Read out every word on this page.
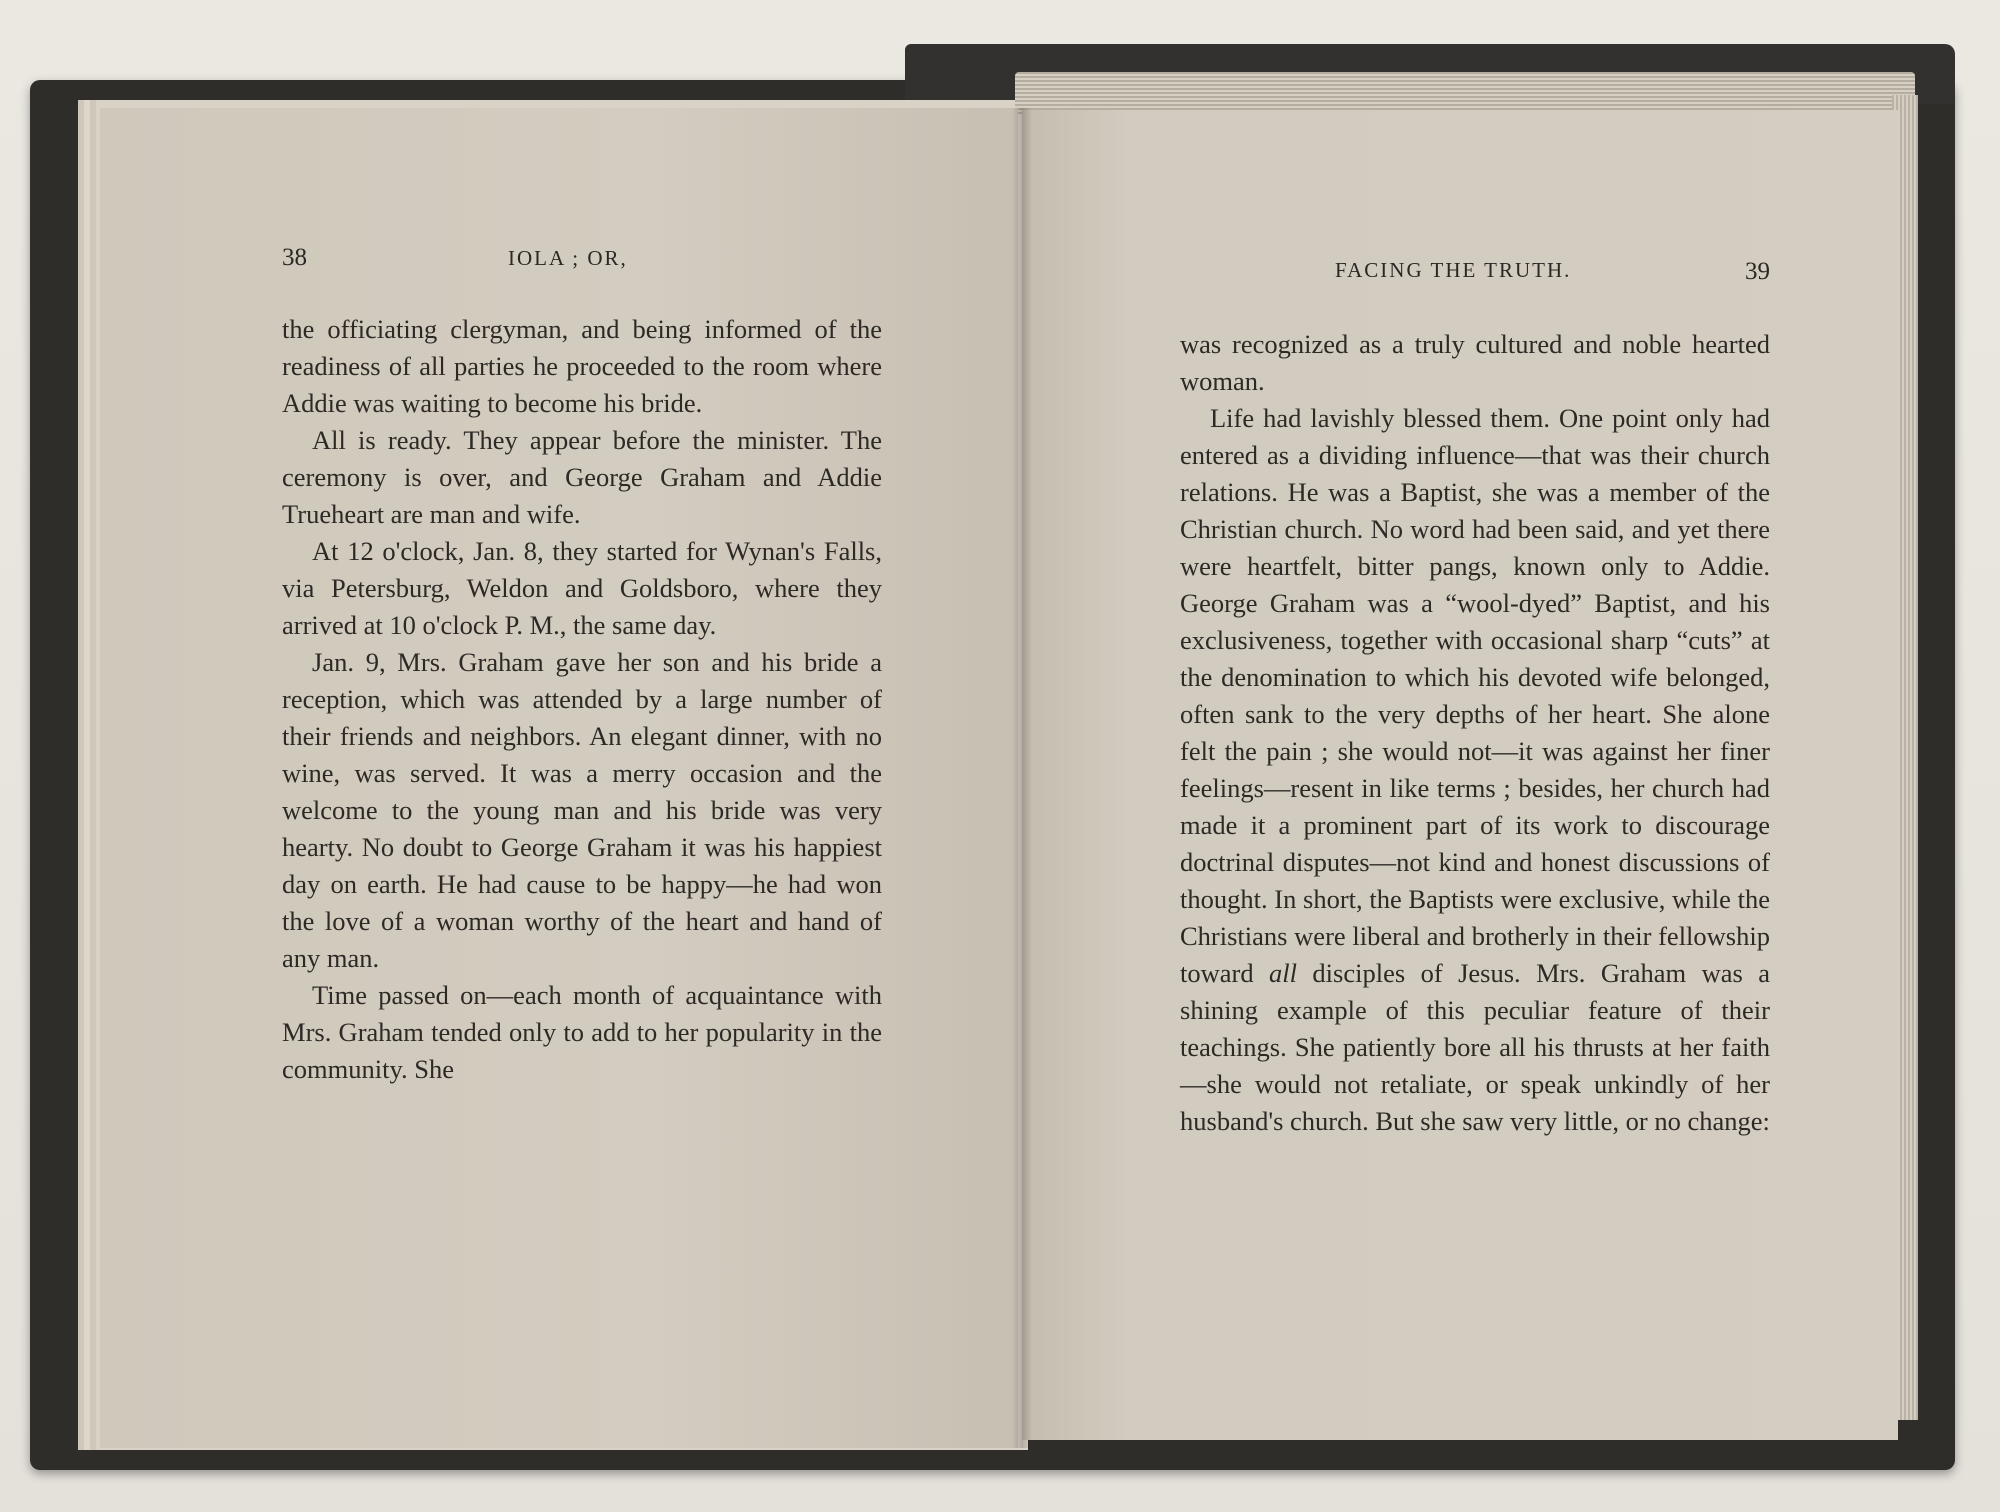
38	IOLA ; OR,	FACING THE TRUTH.	39

the officiating clergyman, and being informed of the readiness of all parties he proceeded to the room where Addie was waiting to become his bride.

All is ready. They appear before the minister. The ceremony is over, and George Graham and Addie Trueheart are man and wife.

At 12 o'clock, Jan. 8, they started for Wynan's Falls, via Petersburg, Weldon and Goldsboro, where they arrived at 10 o'clock P. M., the same day.

Jan. 9, Mrs. Graham gave her son and his bride a reception, which was attended by a large number of their friends and neighbors. An elegant dinner, with no wine, was served. It was a merry occasion and the welcome to the young man and his bride was very hearty. No doubt to George Graham it was his happiest day on earth. He had cause to be happy—he had won the love of a woman worthy of the heart and hand of any man.

Time passed on—each month of acquaintance with Mrs. Graham tended only to add to her popularity in the community. She

was recognized as a truly cultured and noble hearted woman.

Life had lavishly blessed them. One point only had entered as a dividing influence—that was their church relations. He was a Baptist, she was a member of the Christian church. No word had been said, and yet there were heartfelt, bitter pangs, known only to Addie. George Graham was a “wool-dyed” Baptist, and his exclusiveness, together with occasional sharp “cuts” at the denomination to which his devoted wife belonged, often sank to the very depths of her heart. She alone felt the pain ; she would not—it was against her finer feelings—resent in like terms ; besides, her church had made it a prominent part of its work to discourage doctrinal disputes—not kind and honest discussions of thought. In short, the Baptists were exclusive, while the Christians were liberal and brotherly in their fellowship toward all disciples of Jesus. Mrs. Graham was a shining example of this peculiar feature of their teachings. She patiently bore all his thrusts at her faith—she would not retaliate, or speak unkindly of her husband's church. But she saw very little, or no change:
